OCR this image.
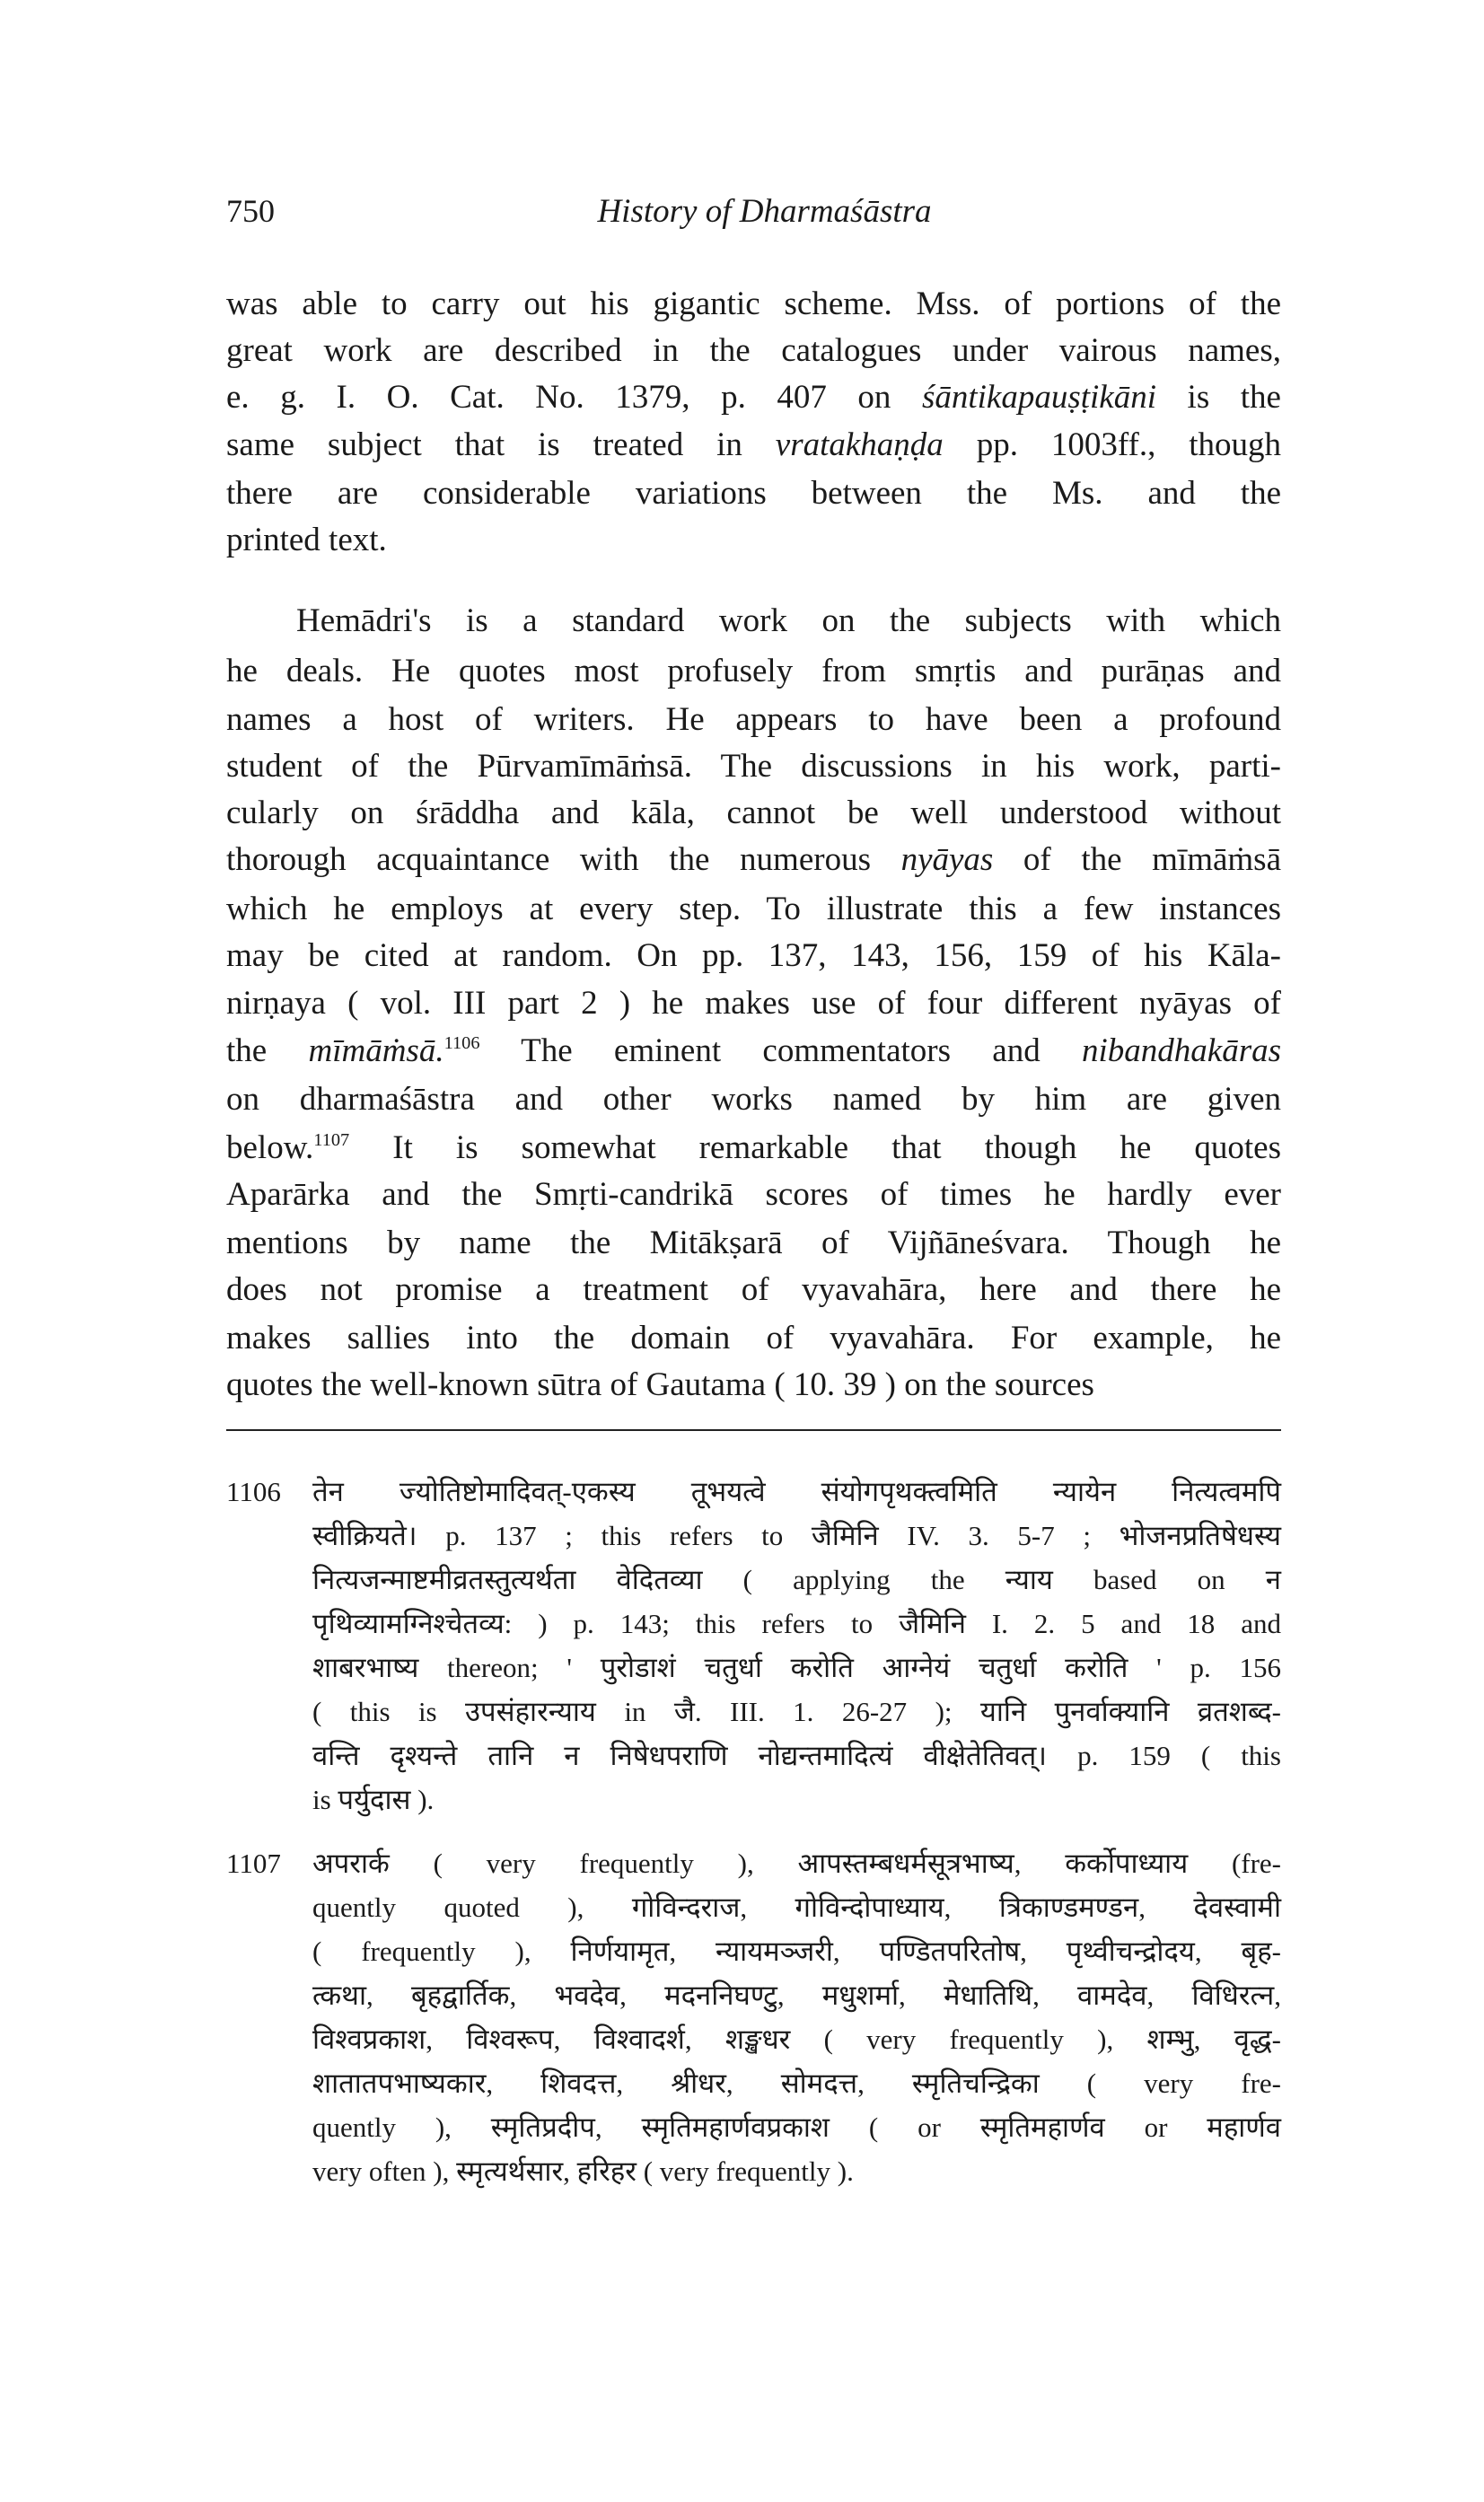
750	History of Dharmaśāstra
was able to carry out his gigantic scheme. Mss. of portions of the
great work are described in the catalogues under vairous names,
e. g. I. O. Cat. No. 1379, p. 407 on śāntikapauṣṭikāni is the
same subject that is treated in vratakhaṇḍa pp. 1003ff., though
there are considerable variations between the Ms. and the
printed text.
Hemādri's is a standard work on the subjects with which
he deals. He quotes most profusely from smṛtis and purāṇas and
names a host of writers. He appears to have been a profound
student of the Pūrvamīmāṁsā. The discussions in his work, parti-
cularly on śrāddha and kāla, cannot be well understood without
thorough acquaintance with the numerous nyāyas of the mīmāṁsā
which he employs at every step. To illustrate this a few instances
may be cited at random. On pp. 137, 143, 156, 159 of his Kāla-
nirṇaya ( vol. III part 2 ) he makes use of four different nyāyas of
the mīmāṁsā.$^{1106}$ The eminent commentators and nibandhakāras
on dharmaśāstra and other works named by him are given
below.$^{1107}$ It is somewhat remarkable that though he quotes
Aparārka and the Smṛti-candrikā scores of times he hardly ever
mentions by name the Mitākṣarā of Vijñāneśvara. Though he
does not promise a treatment of vyavahāra, here and there he
makes sallies into the domain of vyavahāra. For example, he
quotes the well-known sūtra of Gautama ( 10. 39 ) on the sources
1106 तेन ज्योतिष्टोमादिवत्-एकस्य तूभयत्वे संयोगपृथक्त्वमिति न्यायेन नित्यत्वमपि
स्वीक्रियते। p. 137 ; this refers to जैमिनि IV. 3. 5-7 ; भोजनप्रतिषेधस्य
नित्यजन्माष्टमीव्रतस्तुत्यर्थता वेदितव्या ( applying the न्याय based on न
पृथिव्यामग्निश्चेतव्य: ) p. 143; this refers to जैमिनि I. 2. 5 and 18 and
शाबरभाष्य thereon; ' पुरोडाशं चतुर्धा करोति आग्नेयं चतुर्धा करोति ' p. 156
( this is उपसंहारन्याय in जै. III. 1. 26-27 ); यानि पुनर्वाक्यानि व्रतशब्द-
वन्ति दृश्यन्ते तानि न निषेधपराणि नोद्यन्तमादित्यं वीक्षेतेतिवत्। p. 159 ( this
is पर्युदास ).
1107 अपरार्क ( very frequently ), आपस्तम्बधर्मसूत्रभाष्य, कर्कोपाध्याय (fre-
quently quoted ), गोविन्दराज, गोविन्दोपाध्याय, त्रिकाण्डमण्डन, देवस्वामी
( frequently ), निर्णयामृत, न्यायमञ्जरी, पण्डितपरितोष, पृथ्वीचन्द्रोदय, बृह-
त्कथा, बृहद्वार्तिक, भवदेव, मदननिघण्टु, मधुशर्मा, मेधातिथि, वामदेव, विधिरत्न,
विश्वप्रकाश, विश्वरूप, विश्वादर्श, शङ्खधर ( very frequently ), शम्भु, वृद्ध-
शातातपभाष्यकार, शिवदत्त, श्रीधर, सोमदत्त, स्मृतिचन्द्रिका ( very fre-
quently ), स्मृतिप्रदीप, स्मृतिमहार्णवप्रकाश ( or स्मृतिमहार्णव or महार्णव
very often ), स्मृत्यर्थसार, हरिहर ( very frequently ).
